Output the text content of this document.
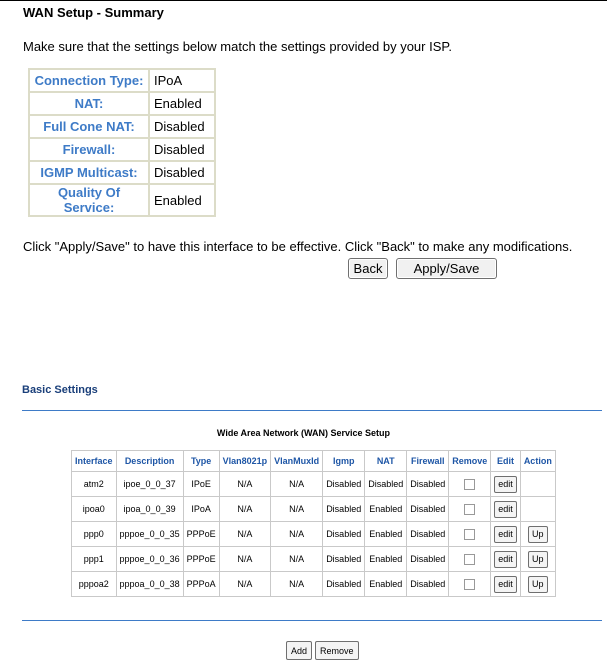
WAN Setup - Summary
Make sure that the settings below match the settings provided by your ISP.
Connection Type:	IPoA
NAT:	Enabled
Full Cone NAT:	Disabled
Firewall:	Disabled
IGMP Multicast:	Disabled
Quality Of Service:	Enabled
Click "Apply/Save" to have this interface to be effective. Click "Back" to make any modifications.
Back	Apply/Save
Basic Settings
Wide Area Network (WAN) Service Setup
Interface	Description	Type	Vlan8021p	VlanMuxId	Igmp	NAT	Firewall	Remove	Edit	Action
atm2	ipoe_0_0_37	IPoE	N/A	N/A	Disabled	Disabled	Disabled		edit	
ipoa0	ipoa_0_0_39	IPoA	N/A	N/A	Disabled	Enabled	Disabled		edit	
ppp0	pppoe_0_0_35	PPPoE	N/A	N/A	Disabled	Enabled	Disabled		edit	Up
ppp1	pppoe_0_0_36	PPPoE	N/A	N/A	Disabled	Enabled	Disabled		edit	Up
pppoa2	pppoa_0_0_38	PPPoA	N/A	N/A	Disabled	Enabled	Disabled		edit	Up
Add	Remove
